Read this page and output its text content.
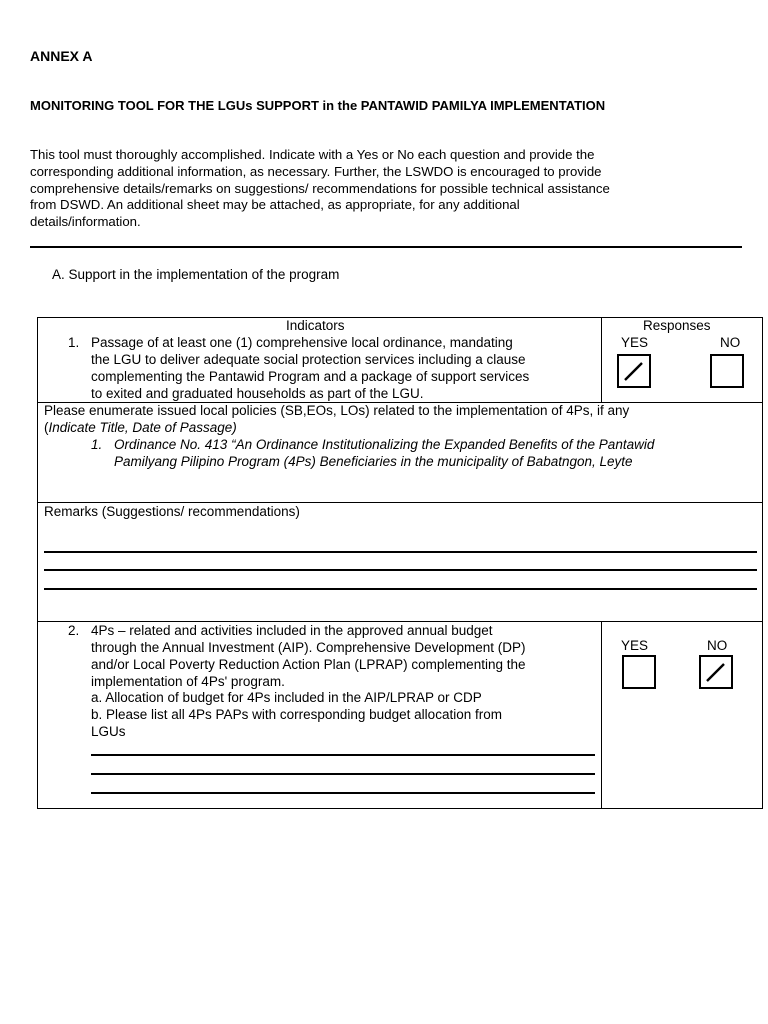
ANNEX A
MONITORING TOOL FOR THE LGUs SUPPORT in the PANTAWID PAMILYA IMPLEMENTATION
This tool must thoroughly accomplished. Indicate with a Yes or No each question and provide the
corresponding additional information, as necessary. Further, the LSWDO is encouraged to provide
comprehensive details/remarks on suggestions/ recommendations for possible technical assistance
from DSWD. An additional sheet may be attached, as appropriate, for any additional
details/information.
A. Support in the implementation of the program
Indicators	Responses
1. Passage of at least one (1) comprehensive local ordinance, mandating
the LGU to deliver adequate social protection services including a clause
complementing the Pantawid Program and a package of support services
to exited and graduated households as part of the LGU.
YES	NO
Please enumerate issued local policies (SB,EOs, LOs) related to the implementation of 4Ps, if any
(Indicate Title, Date of Passage)
1. Ordinance No. 413 “An Ordinance Institutionalizing the Expanded Benefits of the Pantawid
Pamilyang Pilipino Program (4Ps) Beneficiaries in the municipality of Babatngon, Leyte
Remarks (Suggestions/ recommendations)
2. 4Ps – related and activities included in the approved annual budget
through the Annual Investment (AIP). Comprehensive Development (DP)
and/or Local Poverty Reduction Action Plan (LPRAP) complementing the
implementation of 4Ps' program.
a. Allocation of budget for 4Ps included in the AIP/LPRAP or CDP
b. Please list all 4Ps PAPs with corresponding budget allocation from
LGUs
YES	NO
